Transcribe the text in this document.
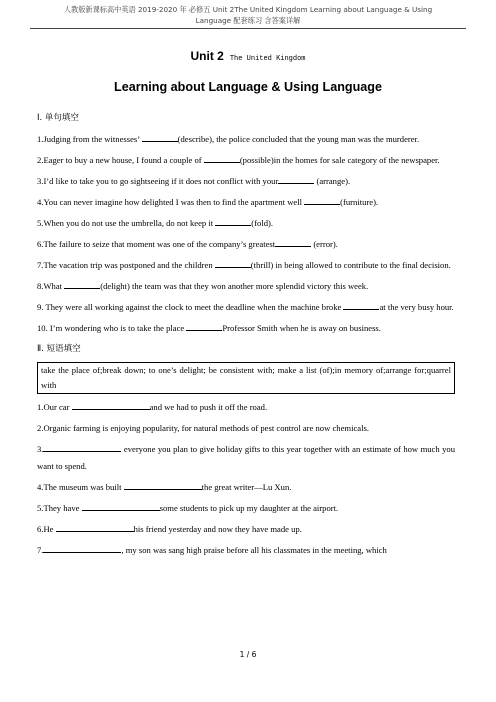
人教版新课标高中英语 2019-2020 年 必修五 Unit 2The United Kingdom Learning about Language & Using
Language 配套练习 含答案详解
Unit 2 The United Kingdom
Learning about Language & Using Language
Ⅰ. 单句填空
1.Judging from the witnesses’	(describe), the police concluded that the young man was the murderer.
2.Eager to buy a new house, I found a couple of	(possible)in the homes for sale category of the newspaper.
3.I’d like to take you to go sightseeing if it does not conflict with your	(arrange).
4.You can never imagine how delighted I was then to find the apartment well	(furniture).
5.When you do not use the umbrella, do not keep it	(fold).
6.The failure to seize that moment was one of the company’s greatest	(error).
7.The vacation trip was postponed and the children	(thrill) in being allowed to contribute to the final decision.
8.What	(delight) the team was that they won another more splendid victory this week.
9. They were all working against the clock to meet the deadline when the machine broke	at the very busy hour.
10. I’m wondering who is to take the place	Professor Smith when he is away on business.
Ⅱ. 短语填空
take the place of;break down; to one’s delight; be consistent with; make a list (of);in memory of;arrange for;quarrel with
1.Our car	and we had to push it off the road.
2.Organic farming is enjoying popularity, for natural methods of pest control are now chemicals.
3.	everyone you plan to give holiday gifts to this year together with an estimate of how much you want to spend.
4.The museum was built	the great writer—Lu Xun.
5.They have	some students to pick up my daughter at the airport.
6.He	his friend yesterday and now they have made up.
7.	, my son was sang high praise before all his classmates in the meeting, which
1 / 6
